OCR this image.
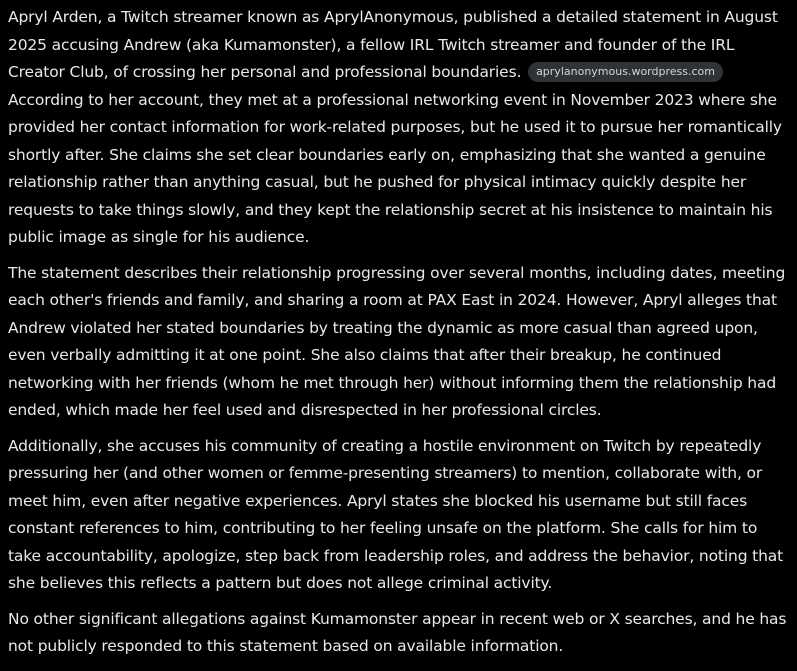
Apryl Arden, a Twitch streamer known as AprylAnonymous, published a detailed statement in August 2025 accusing Andrew (aka Kumamonster), a fellow IRL Twitch streamer and founder of the IRL Creator Club, of crossing her personal and professional boundaries. aprylanonymous.wordpress.com According to her account, they met at a professional networking event in November 2023 where she provided her contact information for work-related purposes, but he used it to pursue her romantically shortly after. She claims she set clear boundaries early on, emphasizing that she wanted a genuine relationship rather than anything casual, but he pushed for physical intimacy quickly despite her requests to take things slowly, and they kept the relationship secret at his insistence to maintain his public image as single for his audience.

The statement describes their relationship progressing over several months, including dates, meeting each other's friends and family, and sharing a room at PAX East in 2024. However, Apryl alleges that Andrew violated her stated boundaries by treating the dynamic as more casual than agreed upon, even verbally admitting it at one point. She also claims that after their breakup, he continued networking with her friends (whom he met through her) without informing them the relationship had ended, which made her feel used and disrespected in her professional circles.

Additionally, she accuses his community of creating a hostile environment on Twitch by repeatedly pressuring her (and other women or femme-presenting streamers) to mention, collaborate with, or meet him, even after negative experiences. Apryl states she blocked his username but still faces constant references to him, contributing to her feeling unsafe on the platform. She calls for him to take accountability, apologize, step back from leadership roles, and address the behavior, noting that she believes this reflects a pattern but does not allege criminal activity.

No other significant allegations against Kumamonster appear in recent web or X searches, and he has not publicly responded to this statement based on available information.
